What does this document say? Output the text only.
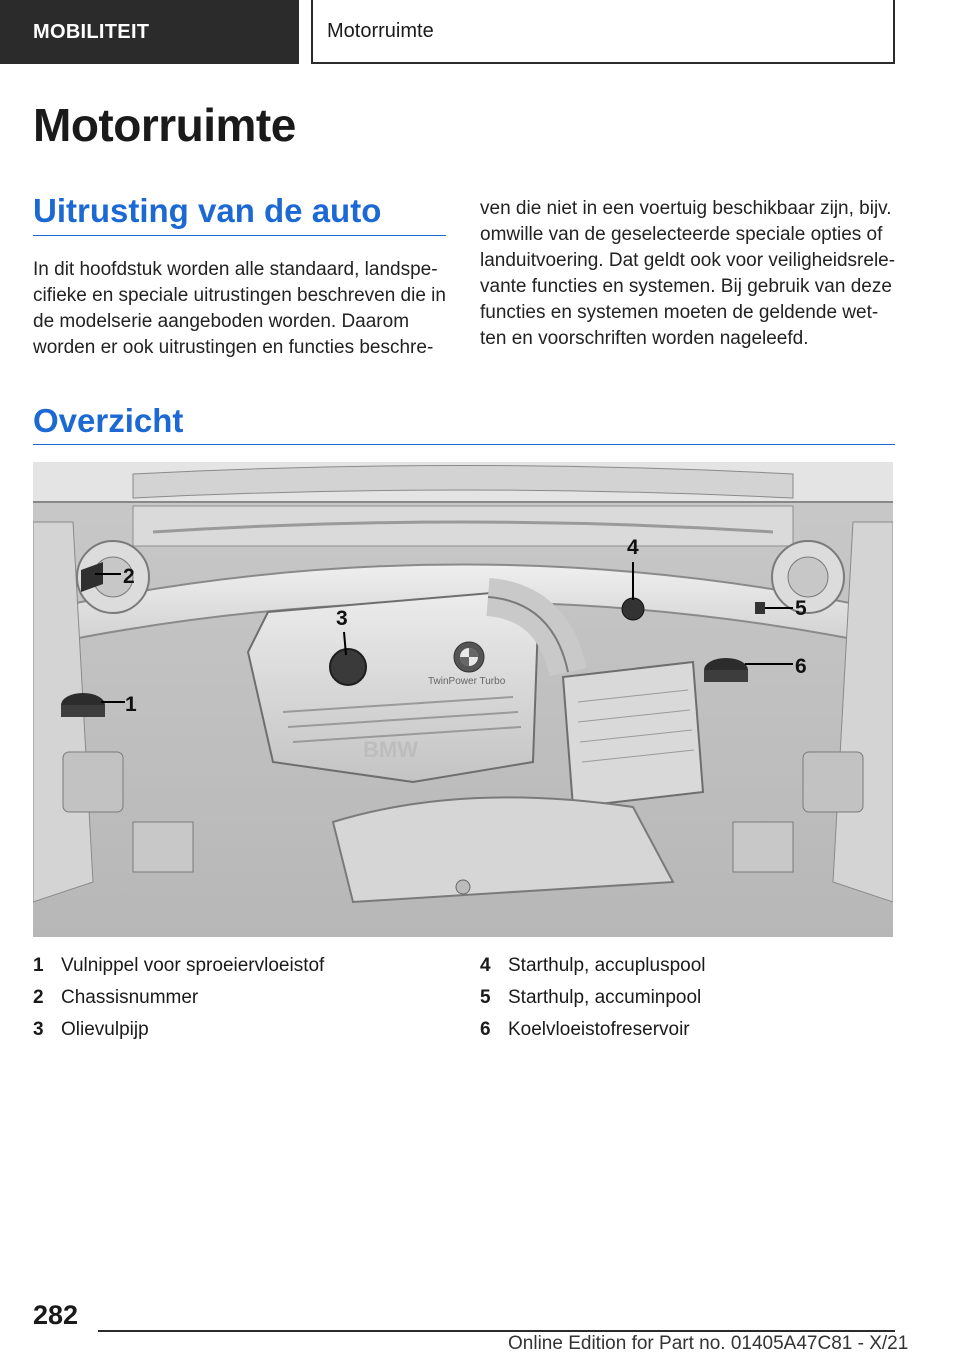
MOBILITEIT	Motorruimte
Motorruimte
Uitrusting van de auto
In dit hoofdstuk worden alle standaard, landspe‐
cifieke en speciale uitrustingen beschreven die in
de modelserie aangeboden worden. Daarom
worden er ook uitrustingen en functies beschre‐
ven die niet in een voertuig beschikbaar zijn, bijv.
omwille van de geselecteerde speciale opties of
landuitvoering. Dat geldt ook voor veiligheidsrele‐
vante functies en systemen. Bij gebruik van deze
functies en systemen moeten de geldende wet‐
ten en voorschriften worden nageleefd.
Overzicht
TwinPower Turbo
BMW
1
2
3
4
5
6
1 Vulnippel voor sproeiervloeistof
2 Chassisnummer
3 Olievulpijp
4 Starthulp, accupluspool
5 Starthulp, accuminpool
6 Koelvloeistofreservoir
282
Online Edition for Part no. 01405A47C81 - X/21
